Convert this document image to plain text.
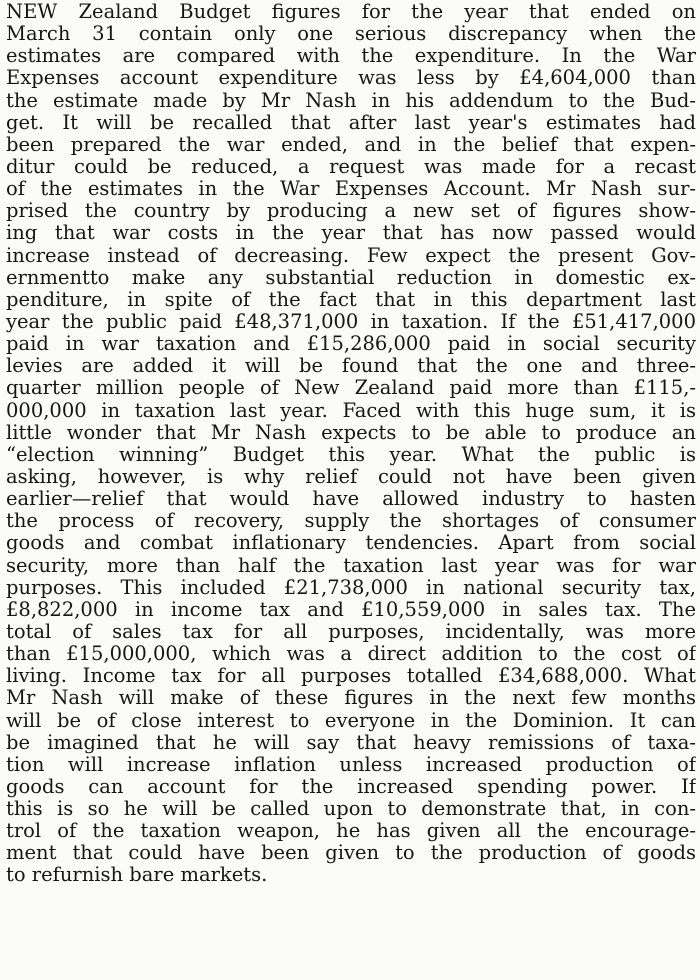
NEW Zealand Budget figures for the year that ended on
March 31 contain only one serious discrepancy when the
estimates are compared with the expenditure. In the War
Expenses account expenditure was less by £4,604,000 than
the estimate made by Mr Nash in his addendum to the Bud-
get. It will be recalled that after last year's estimates had
been prepared the war ended, and in the belief that expen-
ditur could be reduced, a request was made for a recast
of the estimates in the War Expenses Account. Mr Nash sur-
prised the country by producing a new set of figures show-
ing that war costs in the year that has now passed would
increase instead of decreasing. Few expect the present Gov-
ernmentto make any substantial reduction in domestic ex-
penditure, in spite of the fact that in this department last
year the public paid £48,371,000 in taxation. If the £51,417,000
paid in war taxation and £15,286,000 paid in social security
levies are added it will be found that the one and three-
quarter million people of New Zealand paid more than £115,-
000,000 in taxation last year. Faced with this huge sum, it is
little wonder that Mr Nash expects to be able to produce an
“election winning” Budget this year. What the public is
asking, however, is why relief could not have been given
earlier—relief that would have allowed industry to hasten
the process of recovery, supply the shortages of consumer
goods and combat inflationary tendencies. Apart from social
security, more than half the taxation last year was for war
purposes. This included £21,738,000 in national security tax,
£8,822,000 in income tax and £10,559,000 in sales tax. The
total of sales tax for all purposes, incidentally, was more
than £15,000,000, which was a direct addition to the cost of
living. Income tax for all purposes totalled £34,688,000. What
Mr Nash will make of these figures in the next few months
will be of close interest to everyone in the Dominion. It can
be imagined that he will say that heavy remissions of taxa-
tion will increase inflation unless increased production of
goods can account for the increased spending power. If
this is so he will be called upon to demonstrate that, in con-
trol of the taxation weapon, he has given all the encourage-
ment that could have been given to the production of goods
to refurnish bare markets.
